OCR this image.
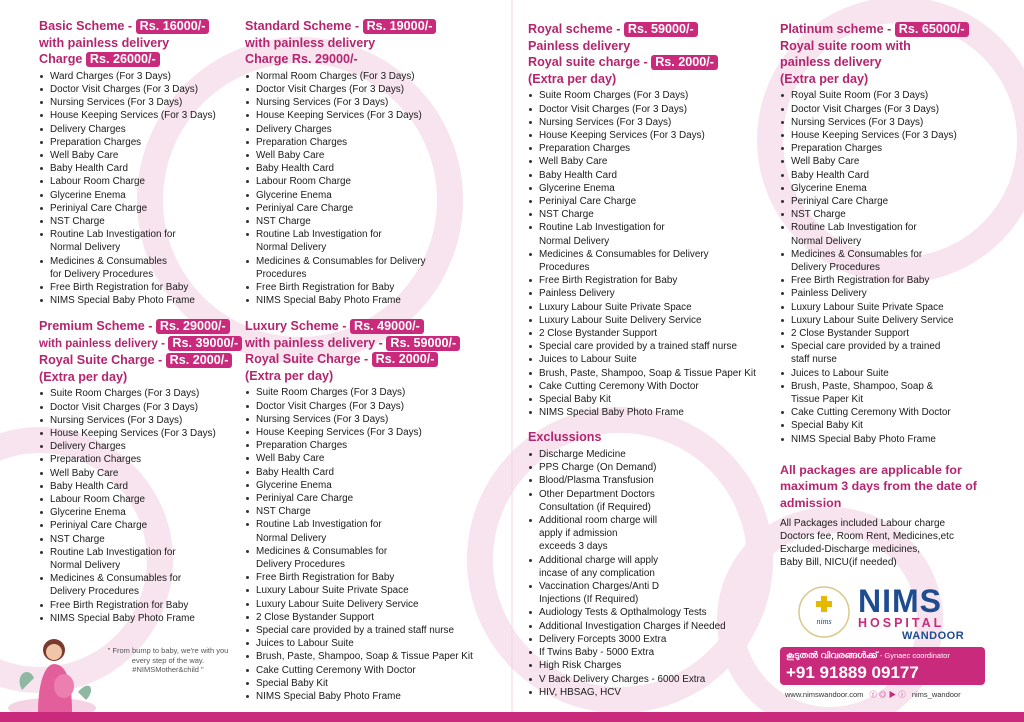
Basic Scheme - Rs. 16000/-
with painless delivery
Charge Rs. 26000/-
Ward Charges (For 3 Days)
Doctor Visit Charges (For 3 Days)
Nursing Services (For 3 Days)
House Keeping Services (For 3 Days)
Delivery Charges
Preparation Charges
Well Baby Care
Baby Health Card
Labour Room Charge
Glycerine Enema
Periniyal Care Charge
NST Charge
Routine Lab Investigation for
Normal Delivery
Medicines & Consumables
for Delivery Procedures
Free Birth Registration for Baby
NIMS Special Baby Photo Frame
Standard Scheme - Rs. 19000/-
with painless delivery
Charge Rs. 29000/-
Normal Room Charges (For 3 Days)
Doctor Visit Charges (For 3 Days)
Nursing Services (For 3 Days)
House Keeping Services (For 3 Days)
Delivery Charges
Preparation Charges
Well Baby Care
Baby Health Card
Labour Room Charge
Glycerine Enema
Periniyal Care Charge
NST Charge
Routine Lab Investigation for
Normal Delivery
Medicines & Consumables for Delivery
Procedures
Free Birth Registration for Baby
NIMS Special Baby Photo Frame
Premium Scheme - Rs. 29000/-
with painless delivery - Rs. 39000/-
Royal Suite Charge - Rs. 2000/-
(Extra per day)
Suite Room Charges (For 3 Days)
Doctor Visit Charges (For 3 Days)
Nursing Services (For 3 Days)
House Keeping Services (For 3 Days)
Delivery Charges
Preparation Charges
Well Baby Care
Baby Health Card
Labour Room Charge
Glycerine Enema
Periniyal Care Charge
NST Charge
Routine Lab Investigation for
Normal Delivery
Medicines & Consumables for
Delivery Procedures
Free Birth Registration for Baby
NIMS Special Baby Photo Frame
Luxury Scheme - Rs. 49000/-
with painless delivery - Rs. 59000/-
Royal Suite Charge - Rs. 2000/-
(Extra per day)
Suite Room Charges (For 3 Days)
Doctor Visit Charges (For 3 Days)
Nursing Services (For 3 Days)
House Keeping Services (For 3 Days)
Preparation Charges
Well Baby Care
Baby Health Card
Glycerine Enema
Periniyal Care Charge
NST Charge
Routine Lab Investigation for
Normal Delivery
Medicines & Consumables for
Delivery Procedures
Free Birth Registration for Baby
Luxury Labour Suite Private Space
Luxury Labour Suite Delivery Service
2 Close Bystander Support
Special care provided by a trained staff nurse
Juices to Labour Suite
Brush, Paste, Shampoo, Soap & Tissue Paper Kit
Cake Cutting Ceremony With Doctor
Special Baby Kit
NIMS Special Baby Photo Frame
Royal scheme - Rs. 59000/-
Painless delivery
Royal suite charge - Rs. 2000/-
(Extra per day)
Suite Room Charges (For 3 Days)
Doctor Visit Charges (For 3 Days)
Nursing Services (For 3 Days)
House Keeping Services (For 3 Days)
Preparation Charges
Well Baby Care
Baby Health Card
Glycerine Enema
Periniyal Care Charge
NST Charge
Routine Lab Investigation for
Normal Delivery
Medicines & Consumables for Delivery
Procedures
Free Birth Registration for Baby
Painless Delivery
Luxury Labour Suite Private Space
Luxury Labour Suite Delivery Service
2 Close Bystander Support
Special care provided by a trained staff nurse
Juices to Labour Suite
Brush, Paste, Shampoo, Soap & Tissue Paper Kit
Cake Cutting Ceremony With Doctor
Special Baby Kit
NIMS Special Baby Photo Frame
Exclussions
Discharge Medicine
PPS Charge (On Demand)
Blood/Plasma Transfusion
Other Department Doctors
Consultation (if Required)
Additional room charge will
apply if admission
exceeds 3 days
Additional charge will apply
incase of any complication
Vaccination Charges/Anti D
Injections (If Required)
Audiology Tests & Opthalmology Tests
Additional Investigation Charges if Needed
Delivery Forcepts 3000 Extra
If Twins Baby - 5000 Extra
High Risk Charges
V Back Delivery Charges - 6000 Extra
HIV, HBSAG, HCV
Platinum scheme - Rs. 65000/-
Royal suite room with
painless delivery
(Extra per day)
Royal Suite Room (For 3 Days)
Doctor Visit Charges (For 3 Days)
Nursing Services (For 3 Days)
House Keeping Services (For 3 Days)
Preparation Charges
Well Baby Care
Baby Health Card
Glycerine Enema
Periniyal Care Charge
NST Charge
Routine Lab Investigation for
Normal Delivery
Medicines & Consumables for
Delivery Procedures
Free Birth Registration for Baby
Painless Delivery
Luxury Labour Suite Private Space
Luxury Labour Suite Delivery Service
2 Close Bystander Support
Special care provided by a trained
staff nurse
Juices to Labour Suite
Brush, Paste, Shampoo, Soap &
Tissue Paper Kit
Cake Cutting Ceremony With Doctor
Special Baby Kit
NIMS Special Baby Photo Frame
All packages are applicable for
maximum 3 days from the date of
admission
All Packages included Labour charge
Doctors fee, Room Rent, Medicines,etc
Excluded-Discharge medicines,
Baby Bill, NICU(if needed)
nims
NIMS
HOSPITAL
WANDOOR
കൂടുതൽ വിവരങ്ങൾക്ക് - Gynaec coordinator
+91 91889 09177
www.nimswandoor.com ⓕ ◎ ▶ ⓘ nims_wandoor
" From bump to baby, we're with you
every step of the way.
#NIMSMother&child "
